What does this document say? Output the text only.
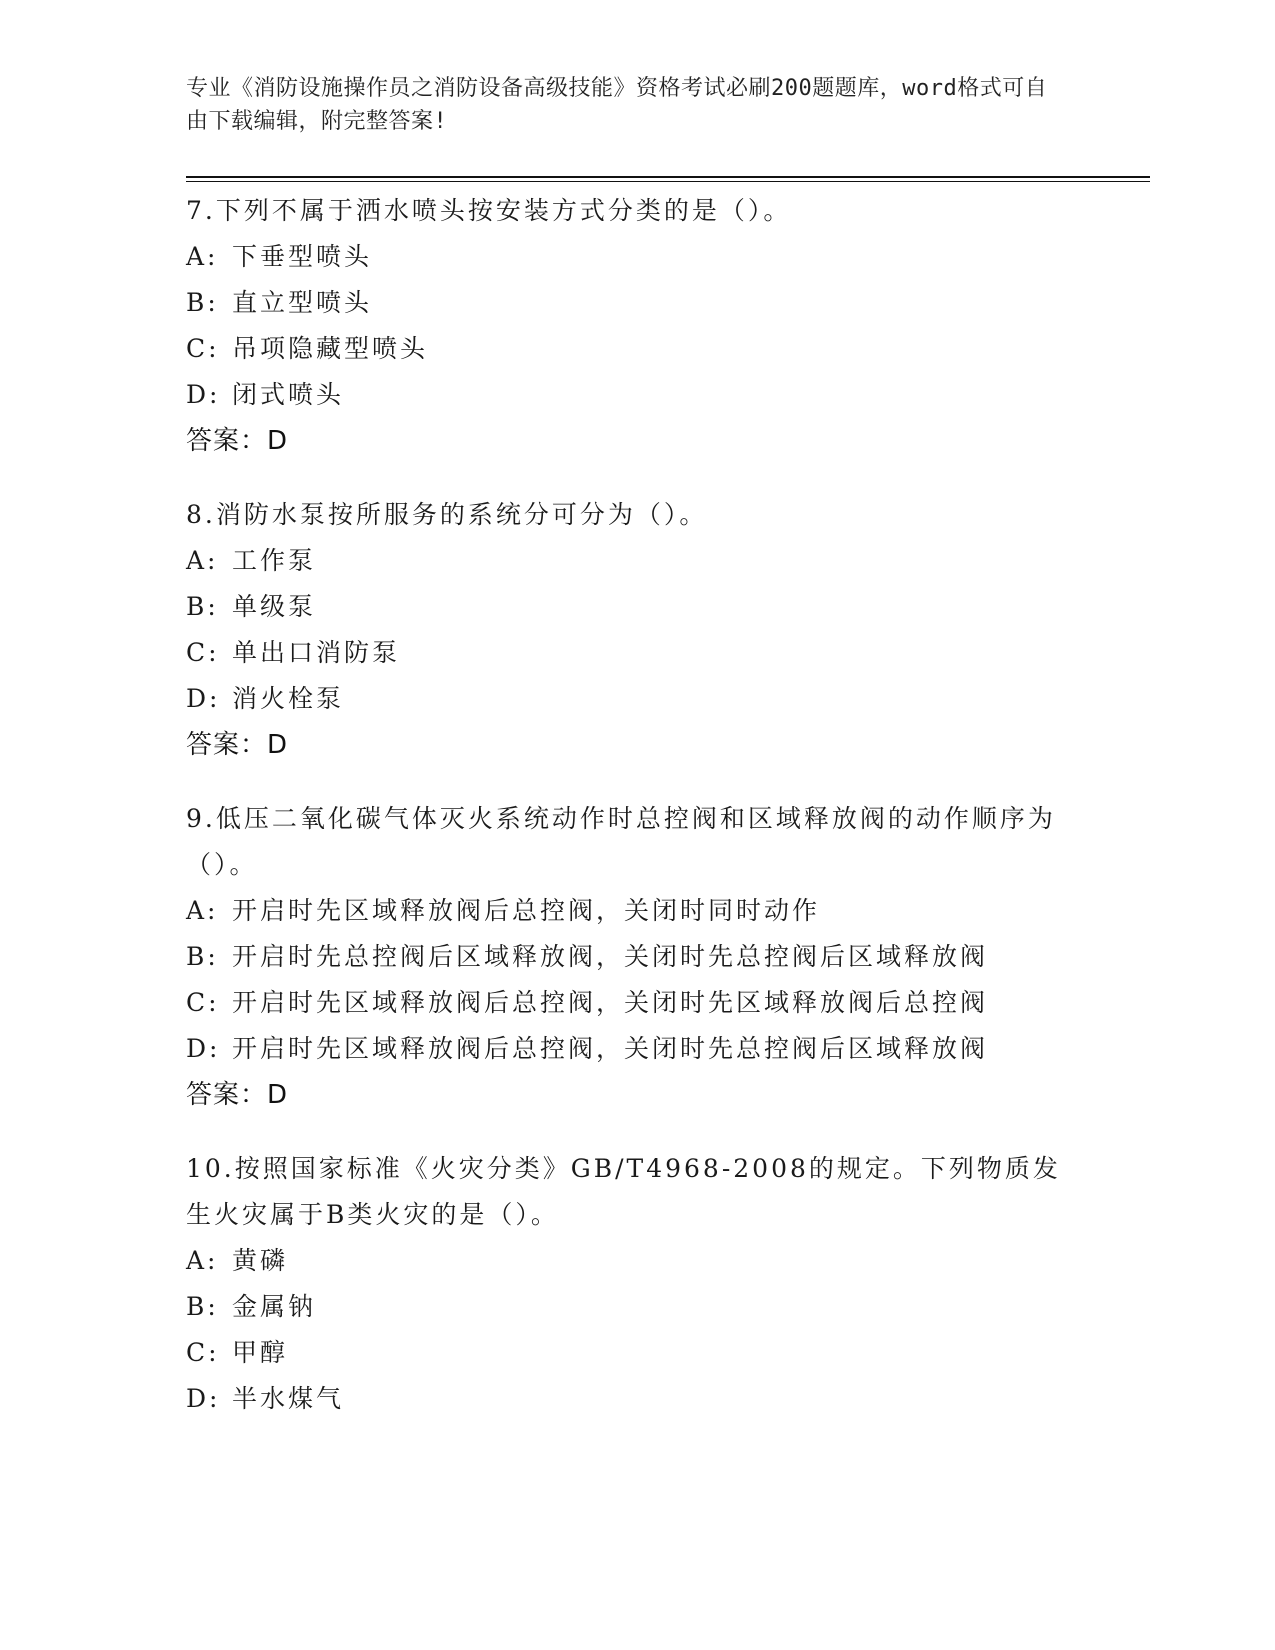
专业《消防设施操作员之消防设备高级技能》资格考试必刷200题题库，word格式可自由下载编辑，附完整答案!
7.下列不属于洒水喷头按安装方式分类的是（）。
A: 下垂型喷头
B: 直立型喷头
C: 吊项隐藏型喷头
D: 闭式喷头
答案：D
8.消防水泵按所服务的系统分可分为（）。
A: 工作泵
B: 单级泵
C: 单出口消防泵
D: 消火栓泵
答案：D
9.低压二氧化碳气体灭火系统动作时总控阀和区域释放阀的动作顺序为（）。
A: 开启时先区域释放阀后总控阀，关闭时同时动作
B: 开启时先总控阀后区域释放阀，关闭时先总控阀后区域释放阀
C: 开启时先区域释放阀后总控阀，关闭时先区域释放阀后总控阀
D: 开启时先区域释放阀后总控阀，关闭时先总控阀后区域释放阀
答案：D
10.按照国家标准《火灾分类》GB/T4968-2008的规定。下列物质发生火灾属于B类火灾的是（）。
A: 黄磷
B: 金属钠
C: 甲醇
D: 半水煤气
